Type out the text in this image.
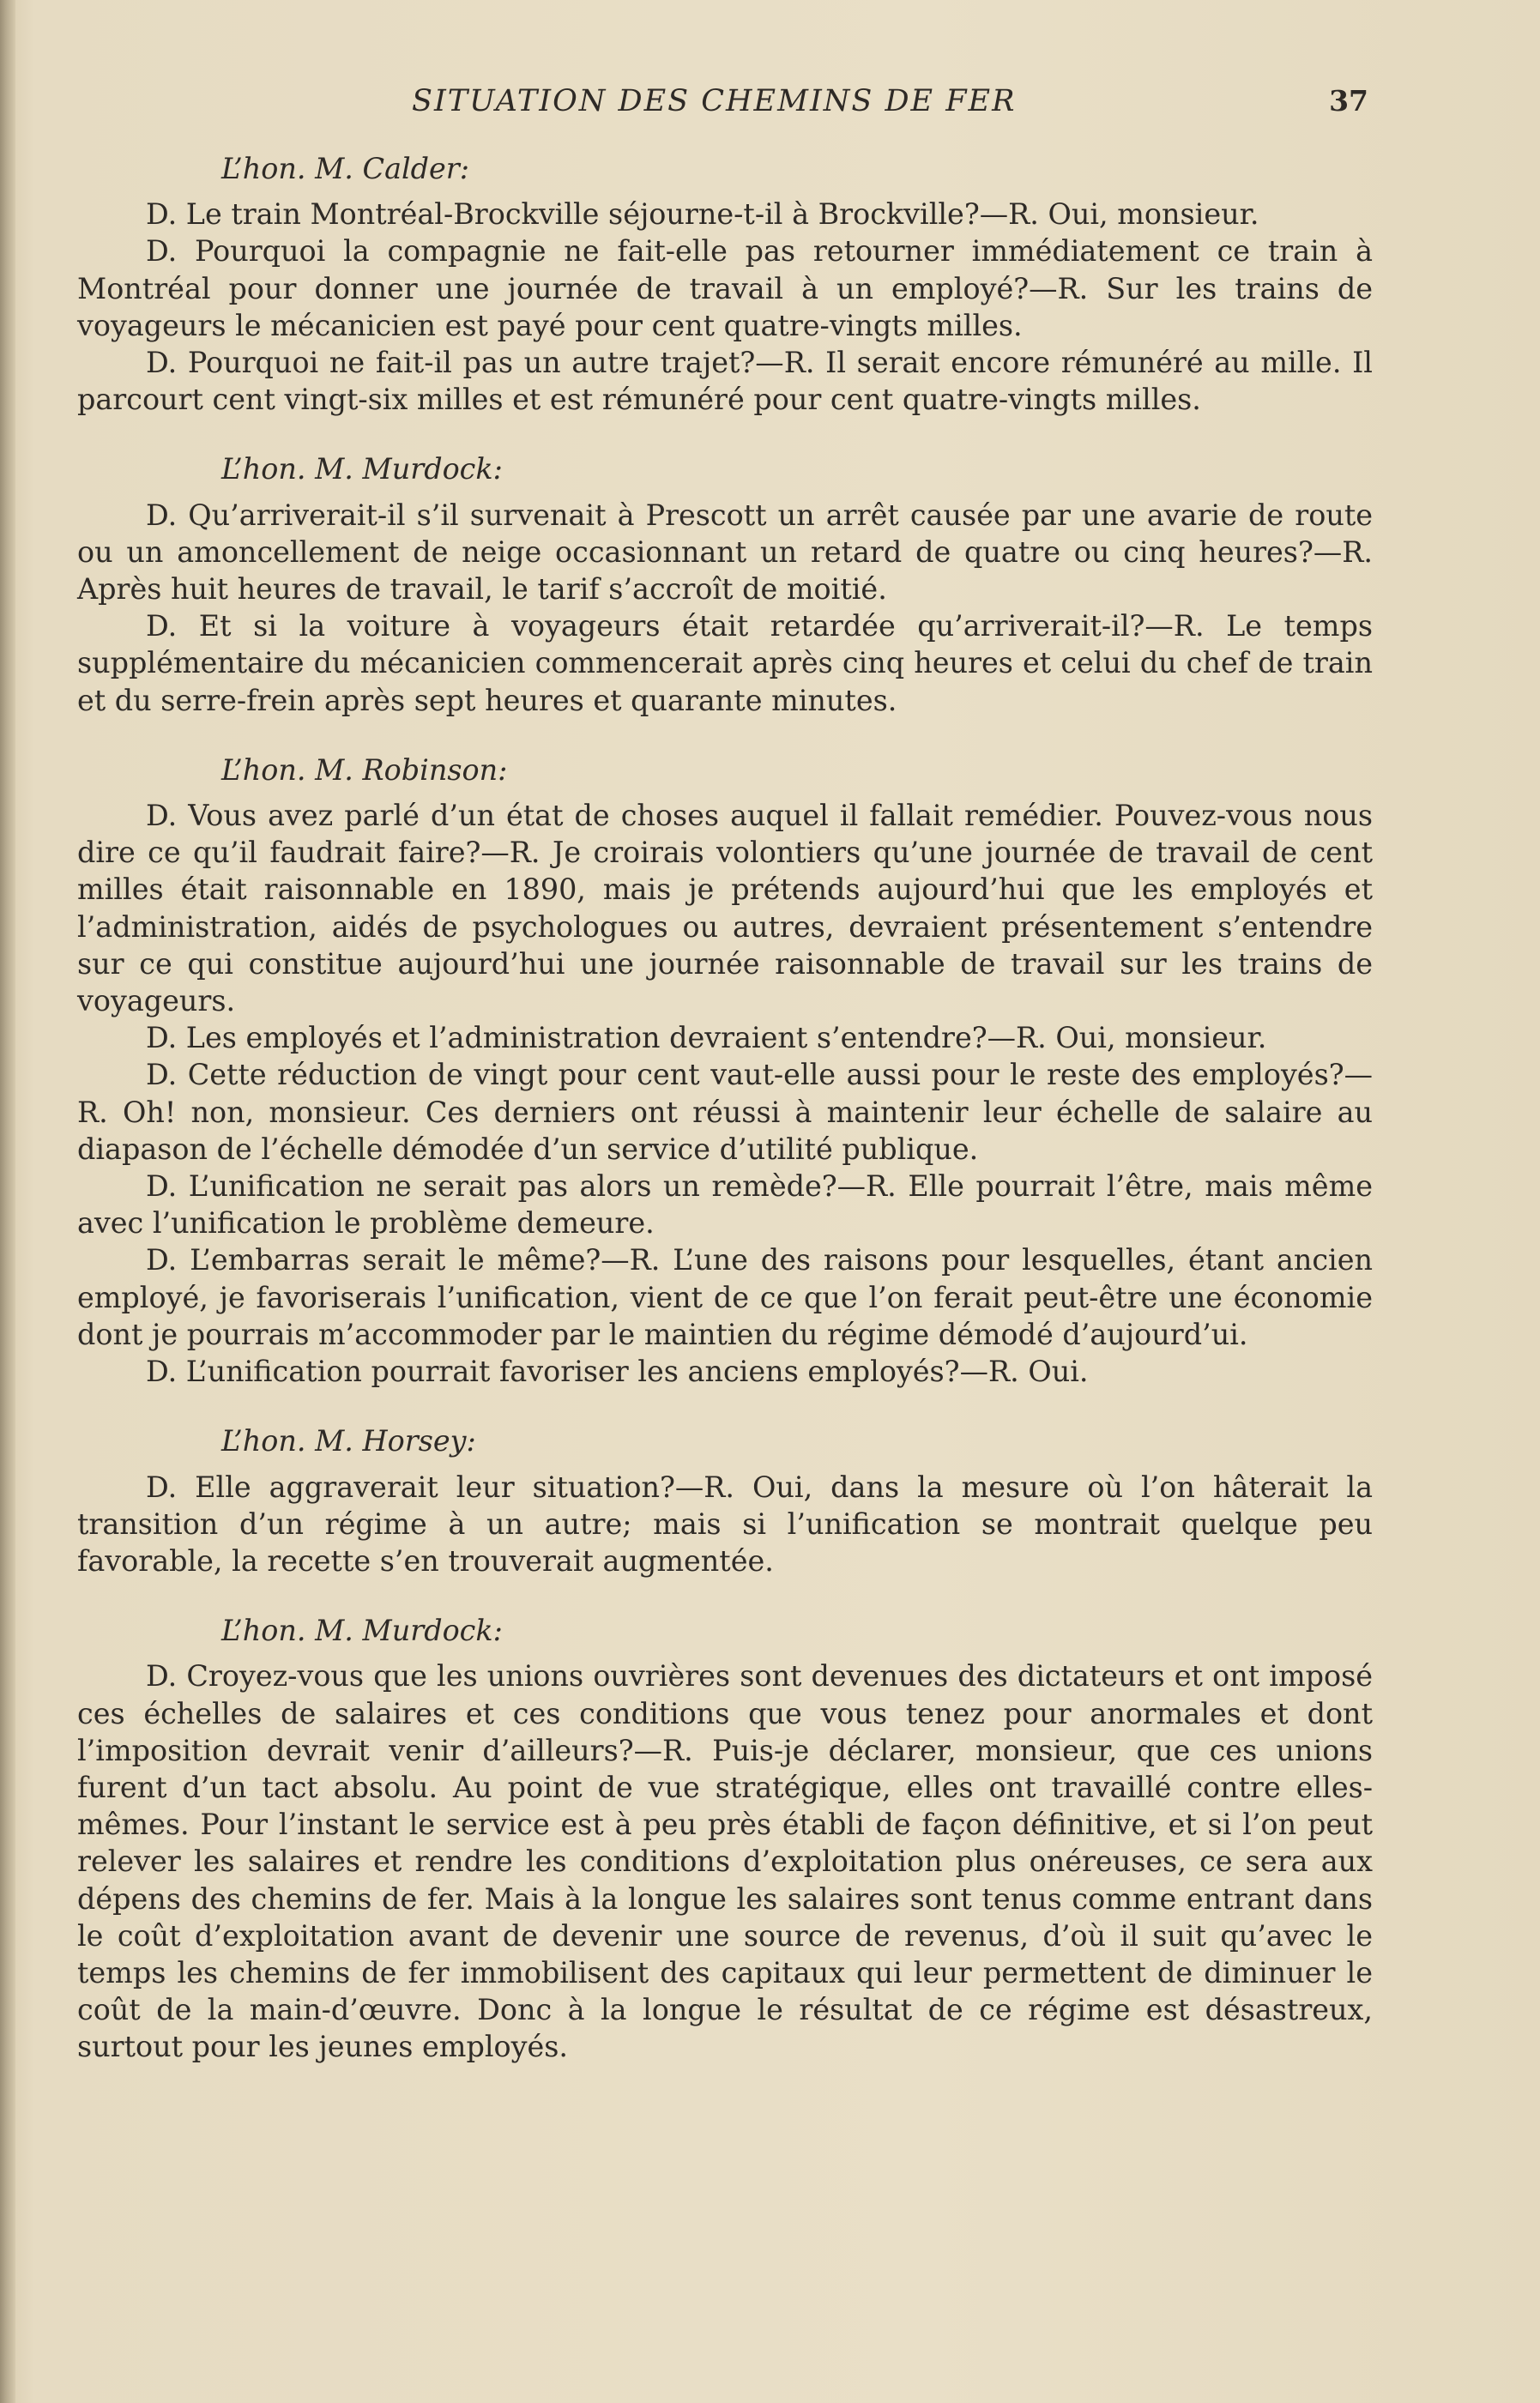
SITUATION DES CHEMINS DE FER	37

L’hon. M. Calder:

D. Le train Montréal-Brockville séjourne-t-il à Brockville?—R. Oui, monsieur.

D. Pourquoi la compagnie ne fait-elle pas retourner immédiatement ce train à Montréal pour donner une journée de travail à un employé?—R. Sur les trains de voyageurs le mécanicien est payé pour cent quatre-vingts milles.

D. Pourquoi ne fait-il pas un autre trajet?—R. Il serait encore rémunéré au mille. Il parcourt cent vingt-six milles et est rémunéré pour cent quatre-vingts milles.

L’hon. M. Murdock:

D. Qu’arriverait-il s’il survenait à Prescott un arrêt causée par une avarie de route ou un amoncellement de neige occasionnant un retard de quatre ou cinq heures?—R. Après huit heures de travail, le tarif s’accroît de moitié.

D. Et si la voiture à voyageurs était retardée qu’arriverait-il?—R. Le temps supplémentaire du mécanicien commencerait après cinq heures et celui du chef de train et du serre-frein après sept heures et quarante minutes.

L’hon. M. Robinson:

D. Vous avez parlé d’un état de choses auquel il fallait remédier. Pouvez-vous nous dire ce qu’il faudrait faire?—R. Je croirais volontiers qu’une journée de travail de cent milles était raisonnable en 1890, mais je prétends aujourd’hui que les employés et l’administration, aidés de psychologues ou autres, devraient présentement s’entendre sur ce qui constitue aujourd’hui une journée raisonnable de travail sur les trains de voyageurs.

D. Les employés et l’administration devraient s’entendre?—R. Oui, monsieur.

D. Cette réduction de vingt pour cent vaut-elle aussi pour le reste des employés?—R. Oh! non, monsieur. Ces derniers ont réussi à maintenir leur échelle de salaire au diapason de l’échelle démodée d’un service d’utilité publique.

D. L’unification ne serait pas alors un remède?—R. Elle pourrait l’être, mais même avec l’unification le problème demeure.

D. L’embarras serait le même?—R. L’une des raisons pour lesquelles, étant ancien employé, je favoriserais l’unification, vient de ce que l’on ferait peut-être une économie dont je pourrais m’accommoder par le maintien du régime démodé d’aujourd’ui.

D. L’unification pourrait favoriser les anciens employés?—R. Oui.

L’hon. M. Horsey:

D. Elle aggraverait leur situation?—R. Oui, dans la mesure où l’on hâterait la transition d’un régime à un autre; mais si l’unification se montrait quelque peu favorable, la recette s’en trouverait augmentée.

L’hon. M. Murdock:

D. Croyez-vous que les unions ouvrières sont devenues des dictateurs et ont imposé ces échelles de salaires et ces conditions que vous tenez pour anormales et dont l’imposition devrait venir d’ailleurs?—R. Puis-je déclarer, monsieur, que ces unions furent d’un tact absolu. Au point de vue stratégique, elles ont travaillé contre elles-mêmes. Pour l’instant le service est à peu près établi de façon définitive, et si l’on peut relever les salaires et rendre les conditions d’exploitation plus onéreuses, ce sera aux dépens des chemins de fer. Mais à la longue les salaires sont tenus comme entrant dans le coût d’exploitation avant de devenir une source de revenus, d’où il suit qu’avec le temps les chemins de fer immobilisent des capitaux qui leur permettent de diminuer le coût de la main-d’œuvre. Donc à la longue le résultat de ce régime est désastreux, surtout pour les jeunes employés.
